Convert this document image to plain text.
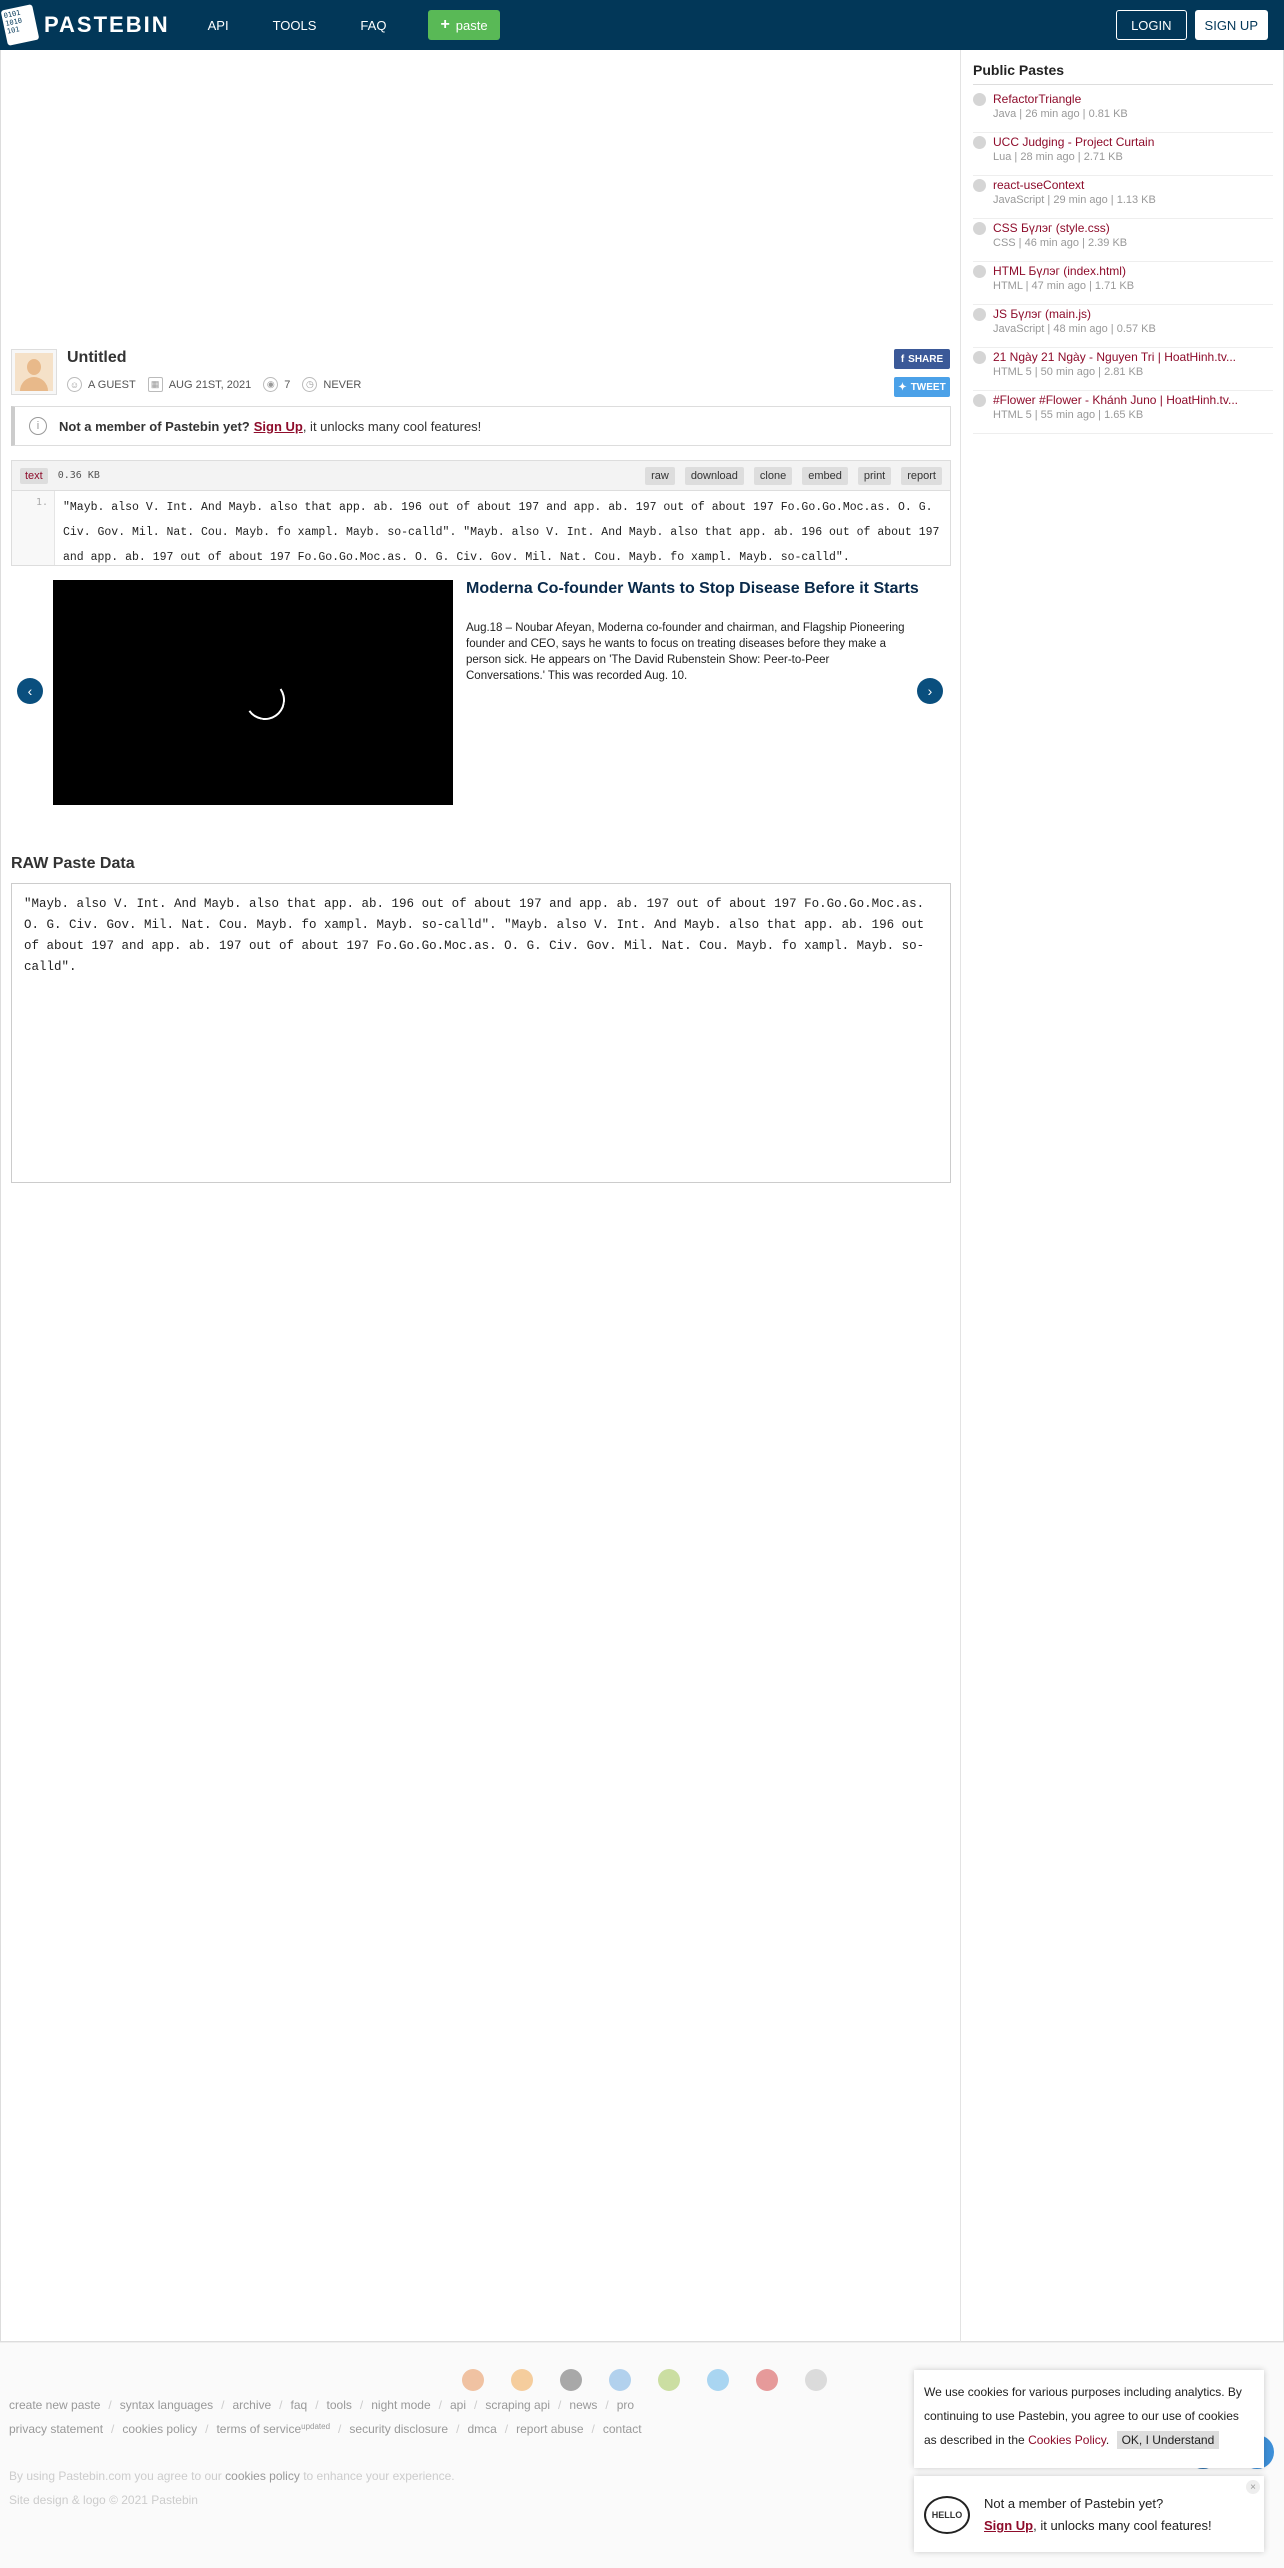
0101 1010 101	PASTEBIN	API	TOOLS	FAQ	+ paste	LOGIN	SIGN UP
Untitled
☺ A GUEST	▦ AUG 21ST, 2021	◉ 7	◷ NEVER
f SHARE
✦ TWEET
i	Not a member of Pastebin yet? Sign Up , it unlocks many cool features!
text	0.36 KB	raw	download	clone	embed	print	report
1.	"Mayb. also V. Int. And Mayb. also that app. ab. 196 out of about 197 and app. ab. 197 out of about 197 Fo.Go.Go.Moc.as. O. G. Civ. Gov. Mil. Nat. Cou. Mayb. fo xampl. Mayb. so-calld". "Mayb. also V. Int. And Mayb. also that app. ab. 196 out of about 197 and app. ab. 197 out of about 197 Fo.Go.Go.Moc.as. O. G. Civ. Gov. Mil. Nat. Cou. Mayb. fo xampl. Mayb. so-calld".
‹
Moderna Co-founder Wants to Stop Disease Before it Starts
Aug.18 – Noubar Afeyan, Moderna co-founder and chairman, and Flagship Pioneering founder and CEO, says he wants to focus on treating diseases before they make a person sick. He appears on 'The David Rubenstein Show: Peer-to-Peer Conversations.' This was recorded Aug. 10.
›
RAW Paste Data
"Mayb. also V. Int. And Mayb. also that app. ab. 196 out of about 197 and app. ab. 197 out of about 197 Fo.Go.Go.Moc.as. O. G. Civ. Gov. Mil. Nat. Cou. Mayb. fo xampl. Mayb. so-calld". "Mayb. also V. Int. And Mayb. also that app. ab. 196 out of about 197 and app. ab. 197 out of about 197 Fo.Go.Go.Moc.as. O. G. Civ. Gov. Mil. Nat. Cou. Mayb. fo xampl. Mayb. so-calld".
Public Pastes
RefactorTriangle
Java | 26 min ago | 0.81 KB
UCC Judging - Project Curtain
Lua | 28 min ago | 2.71 KB
react-useContext
JavaScript | 29 min ago | 1.13 KB
CSS Бүлэг (style.css)
CSS | 46 min ago | 2.39 KB
HTML Бүлэг (index.html)
HTML | 47 min ago | 1.71 KB
JS Бүлэг (main.js)
JavaScript | 48 min ago | 0.57 KB
21 Ngày 21 Ngày - Nguyen Tri | HoatHinh.tv...
HTML 5 | 50 min ago | 2.81 KB
#Flower #Flower - Khánh Juno | HoatHinh.tv...
HTML 5 | 55 min ago | 1.65 KB
create new paste / syntax languages / archive / faq / tools / night mode / api / scraping api / news / pro
privacy statement / cookies policy / terms of service updated / security disclosure / dmca / report abuse / contact
By using Pastebin.com you agree to our cookies policy to enhance your experience.
Site design & logo © 2021 Pastebin
We use cookies for various purposes including analytics. By continuing to use Pastebin, you agree to our use of cookies as described in the Cookies Policy. OK, I Understand
HELLO
Not a member of Pastebin yet?
Sign Up, it unlocks many cool features!
×
